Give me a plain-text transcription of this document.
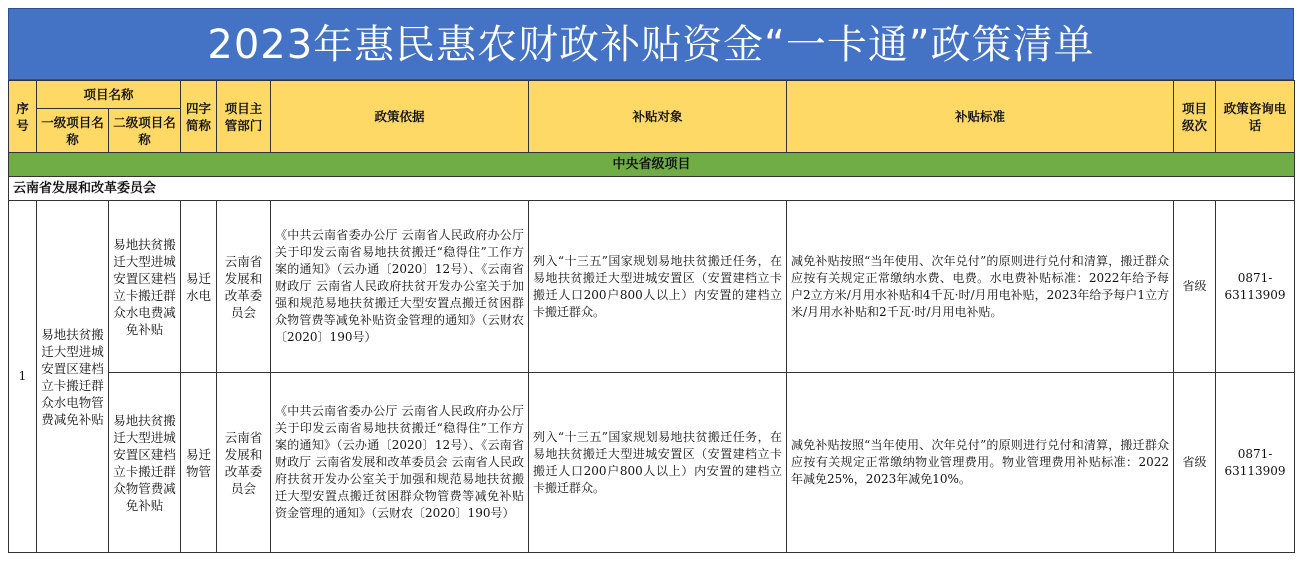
2023年惠民惠农财政补贴资金“一卡通”政策清单
序号	项目名称		四字简称	项目主管部门	政策依据	补贴对象	补贴标准	项目级次	政策咨询电话
	一级项目名称	二级项目名称							
中央省级项目									
云南省发展和改革委员会									
1	易地扶贫搬迁大型进城安置区建档立卡搬迁群众水电物管费减免补贴	易地扶贫搬迁大型进城安置区建档立卡搬迁群众水电费减免补贴	易迁水电	云南省发展和改革委员会	《中共云南省委办公厅 云南省人民政府办公厅关于印发云南省易地扶贫搬迁“稳得住”工作方案的通知》（云办通〔2020〕12号）、《云南省财政厅 云南省人民政府扶贫开发办公室关于加强和规范易地扶贫搬迁大型安置点搬迁贫困群众物管费等减免补贴资金管理的通知》（云财农〔2020〕190号）	列入“十三五”国家规划易地扶贫搬迁任务，在易地扶贫搬迁大型进城安置区（安置建档立卡搬迁人口200户800人以上）内安置的建档立卡搬迁群众。	减免补贴按照“当年使用、次年兑付”的原则进行兑付和清算，搬迁群众应按有关规定正常缴纳水费、电费。水电费补贴标准：2022年给予每户2立方米/月用水补贴和4千瓦·时/月用电补贴，2023年给予每户1立方米/月用水补贴和2千瓦·时/月用电补贴。	省级	0871-63113909
		易地扶贫搬迁大型进城安置区建档立卡搬迁群众物管费减免补贴	易迁物管	云南省发展和改革委员会	《中共云南省委办公厅 云南省人民政府办公厅关于印发云南省易地扶贫搬迁“稳得住”工作方案的通知》（云办通〔2020〕12号）、《云南省财政厅 云南省发展和改革委员会 云南省人民政府扶贫开发办公室关于加强和规范易地扶贫搬迁大型安置点搬迁贫困群众物管费等减免补贴资金管理的通知》（云财农〔2020〕190号）	列入“十三五”国家规划易地扶贫搬迁任务，在易地扶贫搬迁大型进城安置区（安置建档立卡搬迁人口200户800人以上）内安置的建档立卡搬迁群众。	减免补贴按照“当年使用、次年兑付”的原则进行兑付和清算，搬迁群众应按有关规定正常缴纳物业管理费用。物业管理费用补贴标准：2022年减免25%，2023年减免10%。	省级	0871-63113909
